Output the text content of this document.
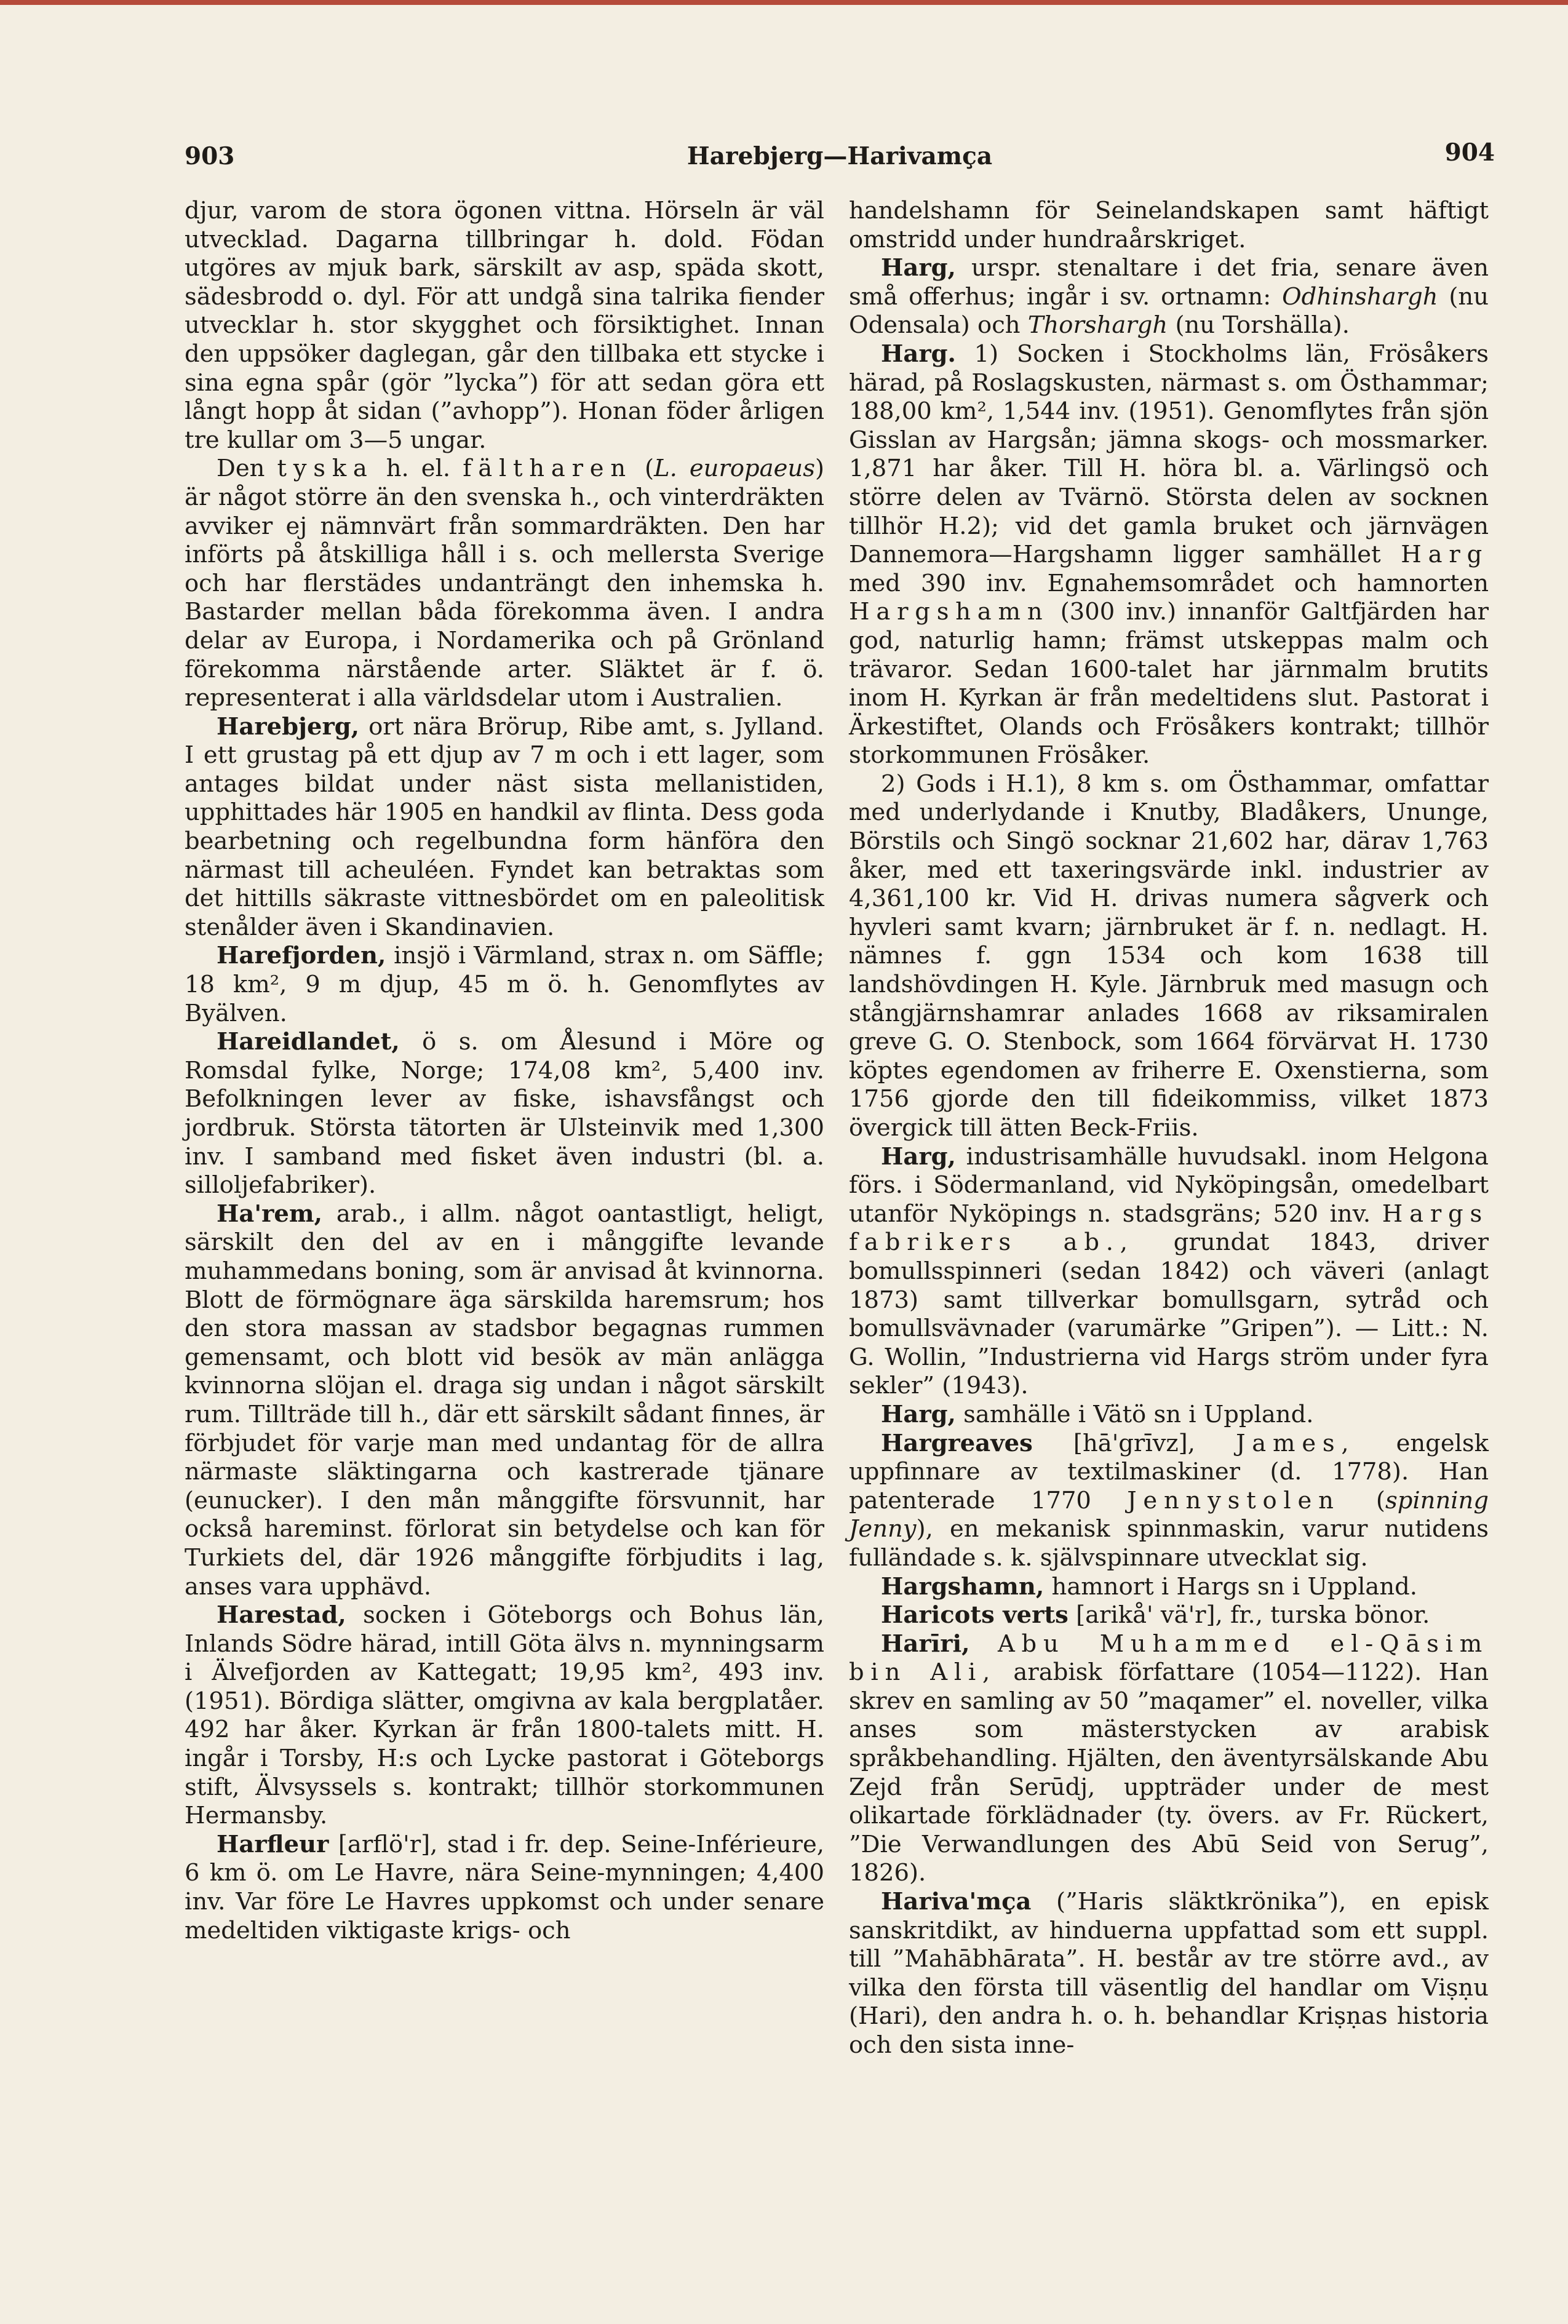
903	Harebjerg—Harivamça	904

djur, varom de stora ögonen vittna. Hörseln är väl utvecklad. Dagarna tillbringar h. dold. Födan utgöres av mjuk bark, särskilt av asp, späda skott, sädesbrodd o. dyl. För att undgå sina talrika fiender utvecklar h. stor skygghet och försiktighet. Innan den uppsöker daglegan, går den tillbaka ett stycke i sina egna spår (gör ”lycka”) för att sedan göra ett långt hopp åt sidan (”avhopp”). Honan föder årligen tre kullar om 3—5 ungar.

Den tyska h. el. fältharen (L. europaeus) är något större än den svenska h., och vinterdräkten avviker ej nämnvärt från sommardräkten. Den har införts på åtskilliga håll i s. och mellersta Sverige och har flerstädes undanträngt den inhemska h. Bastarder mellan båda förekomma även. I andra delar av Europa, i Nordamerika och på Grönland förekomma närstående arter. Släktet är f. ö. representerat i alla världsdelar utom i Australien.

Harebjerg, ort nära Brörup, Ribe amt, s. Jylland. I ett grustag på ett djup av 7 m och i ett lager, som antages bildat under näst sista mellanistiden, upphittades här 1905 en handkil av flinta. Dess goda bearbetning och regelbundna form hänföra den närmast till acheuléen. Fyndet kan betraktas som det hittills säkraste vittnesbördet om en paleolitisk stenålder även i Skandinavien.

Harefjorden, insjö i Värmland, strax n. om Säffle; 18 km², 9 m djup, 45 m ö. h. Genomflytes av Byälven.

Hareidlandet, ö s. om Ålesund i Möre og Romsdal fylke, Norge; 174,08 km², 5,400 inv. Befolkningen lever av fiske, ishavsfångst och jordbruk. Största tätorten är Ulsteinvik med 1,300 inv. I samband med fisket även industri (bl. a. silloljefabriker).

Ha'rem, arab., i allm. något oantastligt, heligt, särskilt den del av en i månggifte levande muhammedans boning, som är anvisad åt kvinnorna. Blott de förmögnare äga särskilda haremsrum; hos den stora massan av stadsbor begagnas rummen gemensamt, och blott vid besök av män anlägga kvinnorna slöjan el. draga sig undan i något särskilt rum. Tillträde till h., där ett särskilt sådant finnes, är förbjudet för varje man med undantag för de allra närmaste släktingarna och kastrerade tjänare (eunucker). I den mån månggifte försvunnit, har också hareminst. förlorat sin betydelse och kan för Turkiets del, där 1926 månggifte förbjudits i lag, anses vara upphävd.

Harestad, socken i Göteborgs och Bohus län, Inlands Södre härad, intill Göta älvs n. mynningsarm i Älvefjorden av Kattegatt; 19,95 km², 493 inv. (1951). Bördiga slätter, omgivna av kala bergplatåer. 492 har åker. Kyrkan är från 1800-talets mitt. H. ingår i Torsby, H:s och Lycke pastorat i Göteborgs stift, Älvsyssels s. kontrakt; tillhör storkommunen Hermansby.

Harfleur [arflö'r], stad i fr. dep. Seine-Inférieure, 6 km ö. om Le Havre, nära Seine-mynningen; 4,400 inv. Var före Le Havres uppkomst och under senare medeltiden viktigaste krigs- och

handelshamn för Seinelandskapen samt häftigt omstridd under hundraårskriget.

Harg, urspr. stenaltare i det fria, senare även små offerhus; ingår i sv. ortnamn: Odhinshargh (nu Odensala) och Thorshargh (nu Torshälla).

Harg. 1) Socken i Stockholms län, Frösåkers härad, på Roslagskusten, närmast s. om Östhammar; 188,00 km², 1,544 inv. (1951). Genomflytes från sjön Gisslan av Hargsån; jämna skogs- och mossmarker. 1,871 har åker. Till H. höra bl. a. Värlingsö och större delen av Tvärnö. Största delen av socknen tillhör H.2); vid det gamla bruket och järnvägen Dannemora—Hargshamn ligger samhället Harg med 390 inv. Egnahemsområdet och hamnorten Hargshamn (300 inv.) innanför Galtfjärden har god, naturlig hamn; främst utskeppas malm och trävaror. Sedan 1600-talet har järnmalm brutits inom H. Kyrkan är från medeltidens slut. Pastorat i Ärkestiftet, Olands och Frösåkers kontrakt; tillhör storkommunen Frösåker.

2) Gods i H.1), 8 km s. om Östhammar, omfattar med underlydande i Knutby, Bladåkers, Ununge, Börstils och Singö socknar 21,602 har, därav 1,763 åker, med ett taxeringsvärde inkl. industrier av 4,361,100 kr. Vid H. drivas numera sågverk och hyvleri samt kvarn; järnbruket är f. n. nedlagt. H. nämnes f. ggn 1534 och kom 1638 till landshövdingen H. Kyle. Järnbruk med masugn och stångjärnshamrar anlades 1668 av riksamiralen greve G. O. Stenbock, som 1664 förvärvat H. 1730 köptes egendomen av friherre E. Oxenstierna, som 1756 gjorde den till fideikommiss, vilket 1873 övergick till ätten Beck-Friis.

Harg, industrisamhälle huvudsakl. inom Helgona förs. i Södermanland, vid Nyköpingsån, omedelbart utanför Nyköpings n. stadsgräns; 520 inv. Hargs fabrikers ab., grundat 1843, driver bomullsspinneri (sedan 1842) och väveri (anlagt 1873) samt tillverkar bomullsgarn, sytråd och bomullsvävnader (varumärke ”Gripen”). — Litt.: N. G. Wollin, ”Industrierna vid Hargs ström under fyra sekler” (1943).

Harg, samhälle i Vätö sn i Uppland.

Hargreaves [hā'grīvz], James, engelsk uppfinnare av textilmaskiner (d. 1778). Han patenterade 1770 Jennystolen (spinning Jenny), en mekanisk spinnmaskin, varur nutidens fulländade s. k. självspinnare utvecklat sig.

Hargshamn, hamnort i Hargs sn i Uppland.

Haricots verts [arikå' vä'r], fr., turska bönor.

Harīri, Abu Muhammed el-Qāsim bin Ali, arabisk författare (1054—1122). Han skrev en samling av 50 ”maqamer” el. noveller, vilka anses som mästerstycken av arabisk språkbehandling. Hjälten, den äventyrsälskande Abu Zejd från Serūdj, uppträder under de mest olikartade förklädnader (ty. övers. av Fr. Rückert, ”Die Verwandlungen des Abū Seid von Serug”, 1826).

Hariva'mça (”Haris släktkrönika”), en episk sanskritdikt, av hinduerna uppfattad som ett suppl. till ”Mahābhārata”. H. består av tre större avd., av vilka den första till väsentlig del handlar om Viṣṇu (Hari), den andra h. o. h. behandlar Kriṣṇas historia och den sista inne-
